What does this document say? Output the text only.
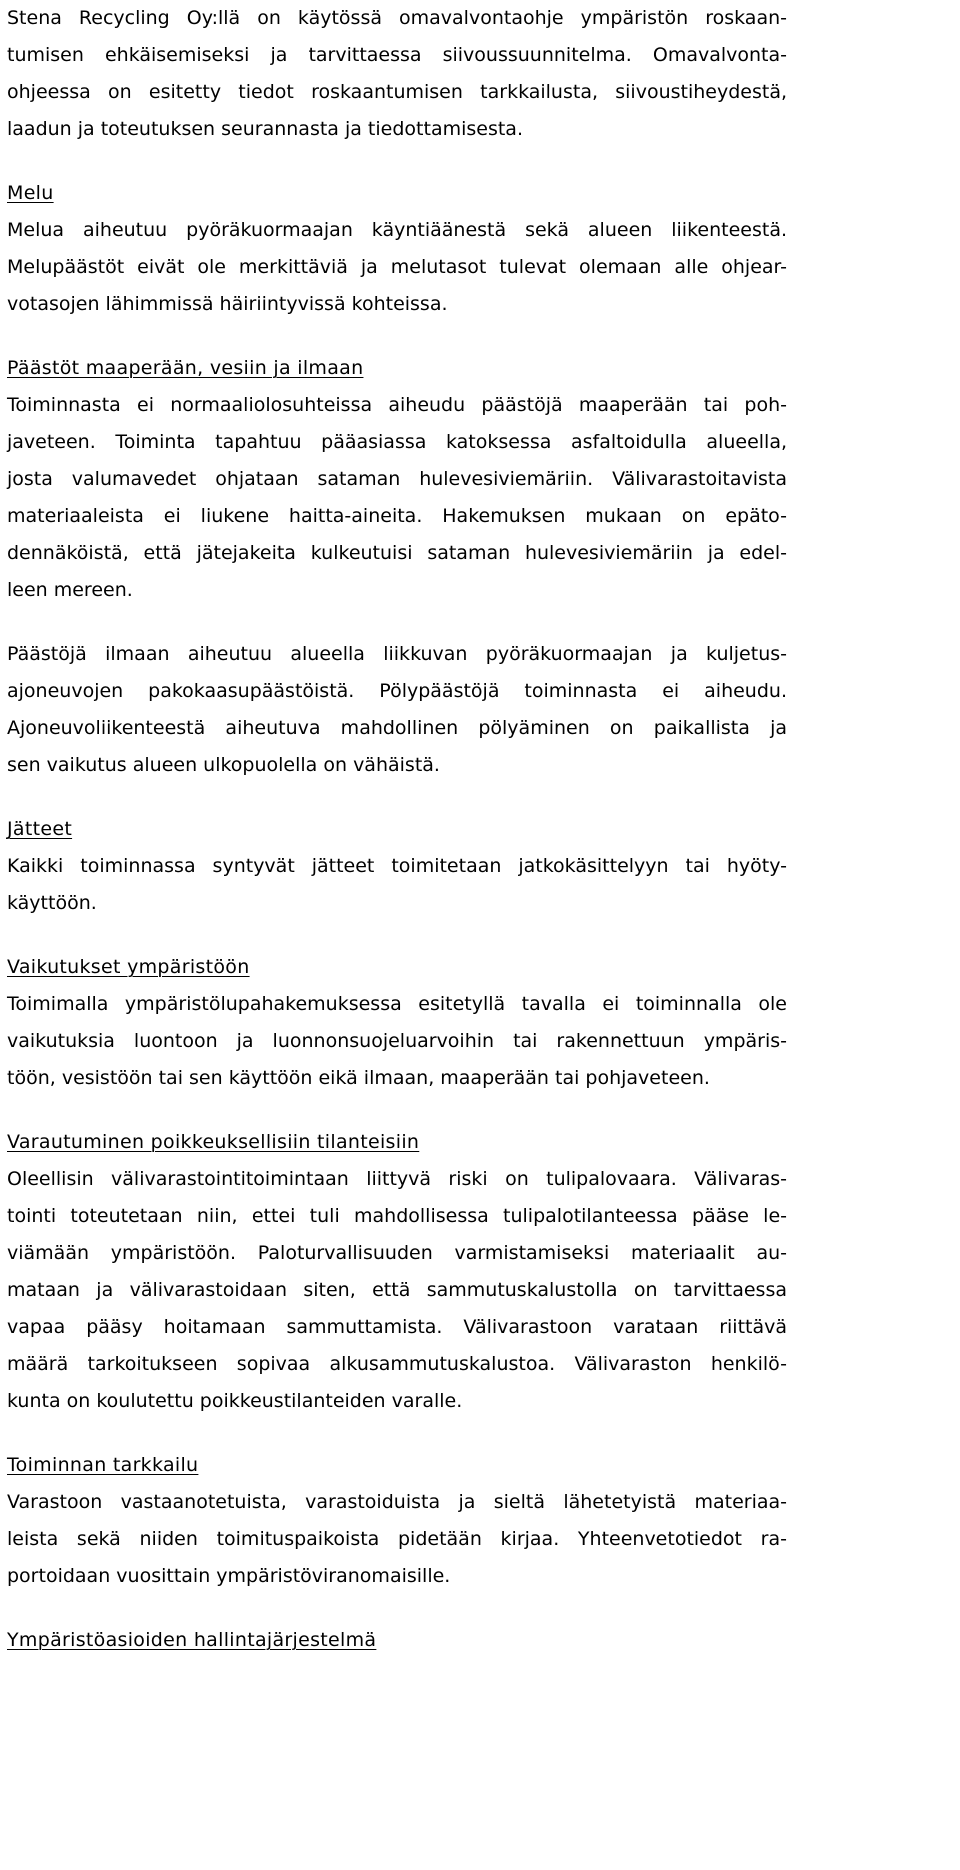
Stena Recycling Oy:llä on käytössä omavalvontaohje ympäristön roskaan-
tumisen ehkäisemiseksi ja tarvittaessa siivoussuunnitelma. Omavalvonta-
ohjeessa on esitetty tiedot roskaantumisen tarkkailusta, siivoustiheydestä,
laadun ja toteutuksen seurannasta ja tiedottamisesta.
Melu
Melua aiheutuu pyöräkuormaajan käyntiäänestä sekä alueen liikenteestä.
Melupäästöt eivät ole merkittäviä ja melutasot tulevat olemaan alle ohjear-
votasojen lähimmissä häiriintyvissä kohteissa.
Päästöt maaperään, vesiin ja ilmaan
Toiminnasta ei normaaliolosuhteissa aiheudu päästöjä maaperään tai poh-
javeteen. Toiminta tapahtuu pääasiassa katoksessa asfaltoidulla alueella,
josta valumavedet ohjataan sataman hulevesiviemäriin. Välivarastoitavista
materiaaleista ei liukene haitta-aineita. Hakemuksen mukaan on epäto-
dennäköistä, että jätejakeita kulkeutuisi sataman hulevesiviemäriin ja edel-
leen mereen.
Päästöjä ilmaan aiheutuu alueella liikkuvan pyöräkuormaajan ja kuljetus-
ajoneuvojen pakokaasupäästöistä. Pölypäästöjä toiminnasta ei aiheudu.
Ajoneuvoliikenteestä aiheutuva mahdollinen pölyäminen on paikallista ja
sen vaikutus alueen ulkopuolella on vähäistä.
Jätteet
Kaikki toiminnassa syntyvät jätteet toimitetaan jatkokäsittelyyn tai hyöty-
käyttöön.
Vaikutukset ympäristöön
Toimimalla ympäristölupahakemuksessa esitetyllä tavalla ei toiminnalla ole
vaikutuksia luontoon ja luonnonsuojeluarvoihin tai rakennettuun ympäris-
töön, vesistöön tai sen käyttöön eikä ilmaan, maaperään tai pohjaveteen.
Varautuminen poikkeuksellisiin tilanteisiin
Oleellisin välivarastointitoimintaan liittyvä riski on tulipalovaara. Välivaras-
tointi toteutetaan niin, ettei tuli mahdollisessa tulipalotilanteessa pääse le-
viämään ympäristöön. Paloturvallisuuden varmistamiseksi materiaalit au-
mataan ja välivarastoidaan siten, että sammutuskalustolla on tarvittaessa
vapaa pääsy hoitamaan sammuttamista. Välivarastoon varataan riittävä
määrä tarkoitukseen sopivaa alkusammutuskalustoa. Välivaraston henkilö-
kunta on koulutettu poikkeustilanteiden varalle.
Toiminnan tarkkailu
Varastoon vastaanotetuista, varastoiduista ja sieltä lähetetyistä materiaa-
leista sekä niiden toimituspaikoista pidetään kirjaa. Yhteenvetotiedot ra-
portoidaan vuosittain ympäristöviranomaisille.
Ympäristöasioiden hallintajärjestelmä
